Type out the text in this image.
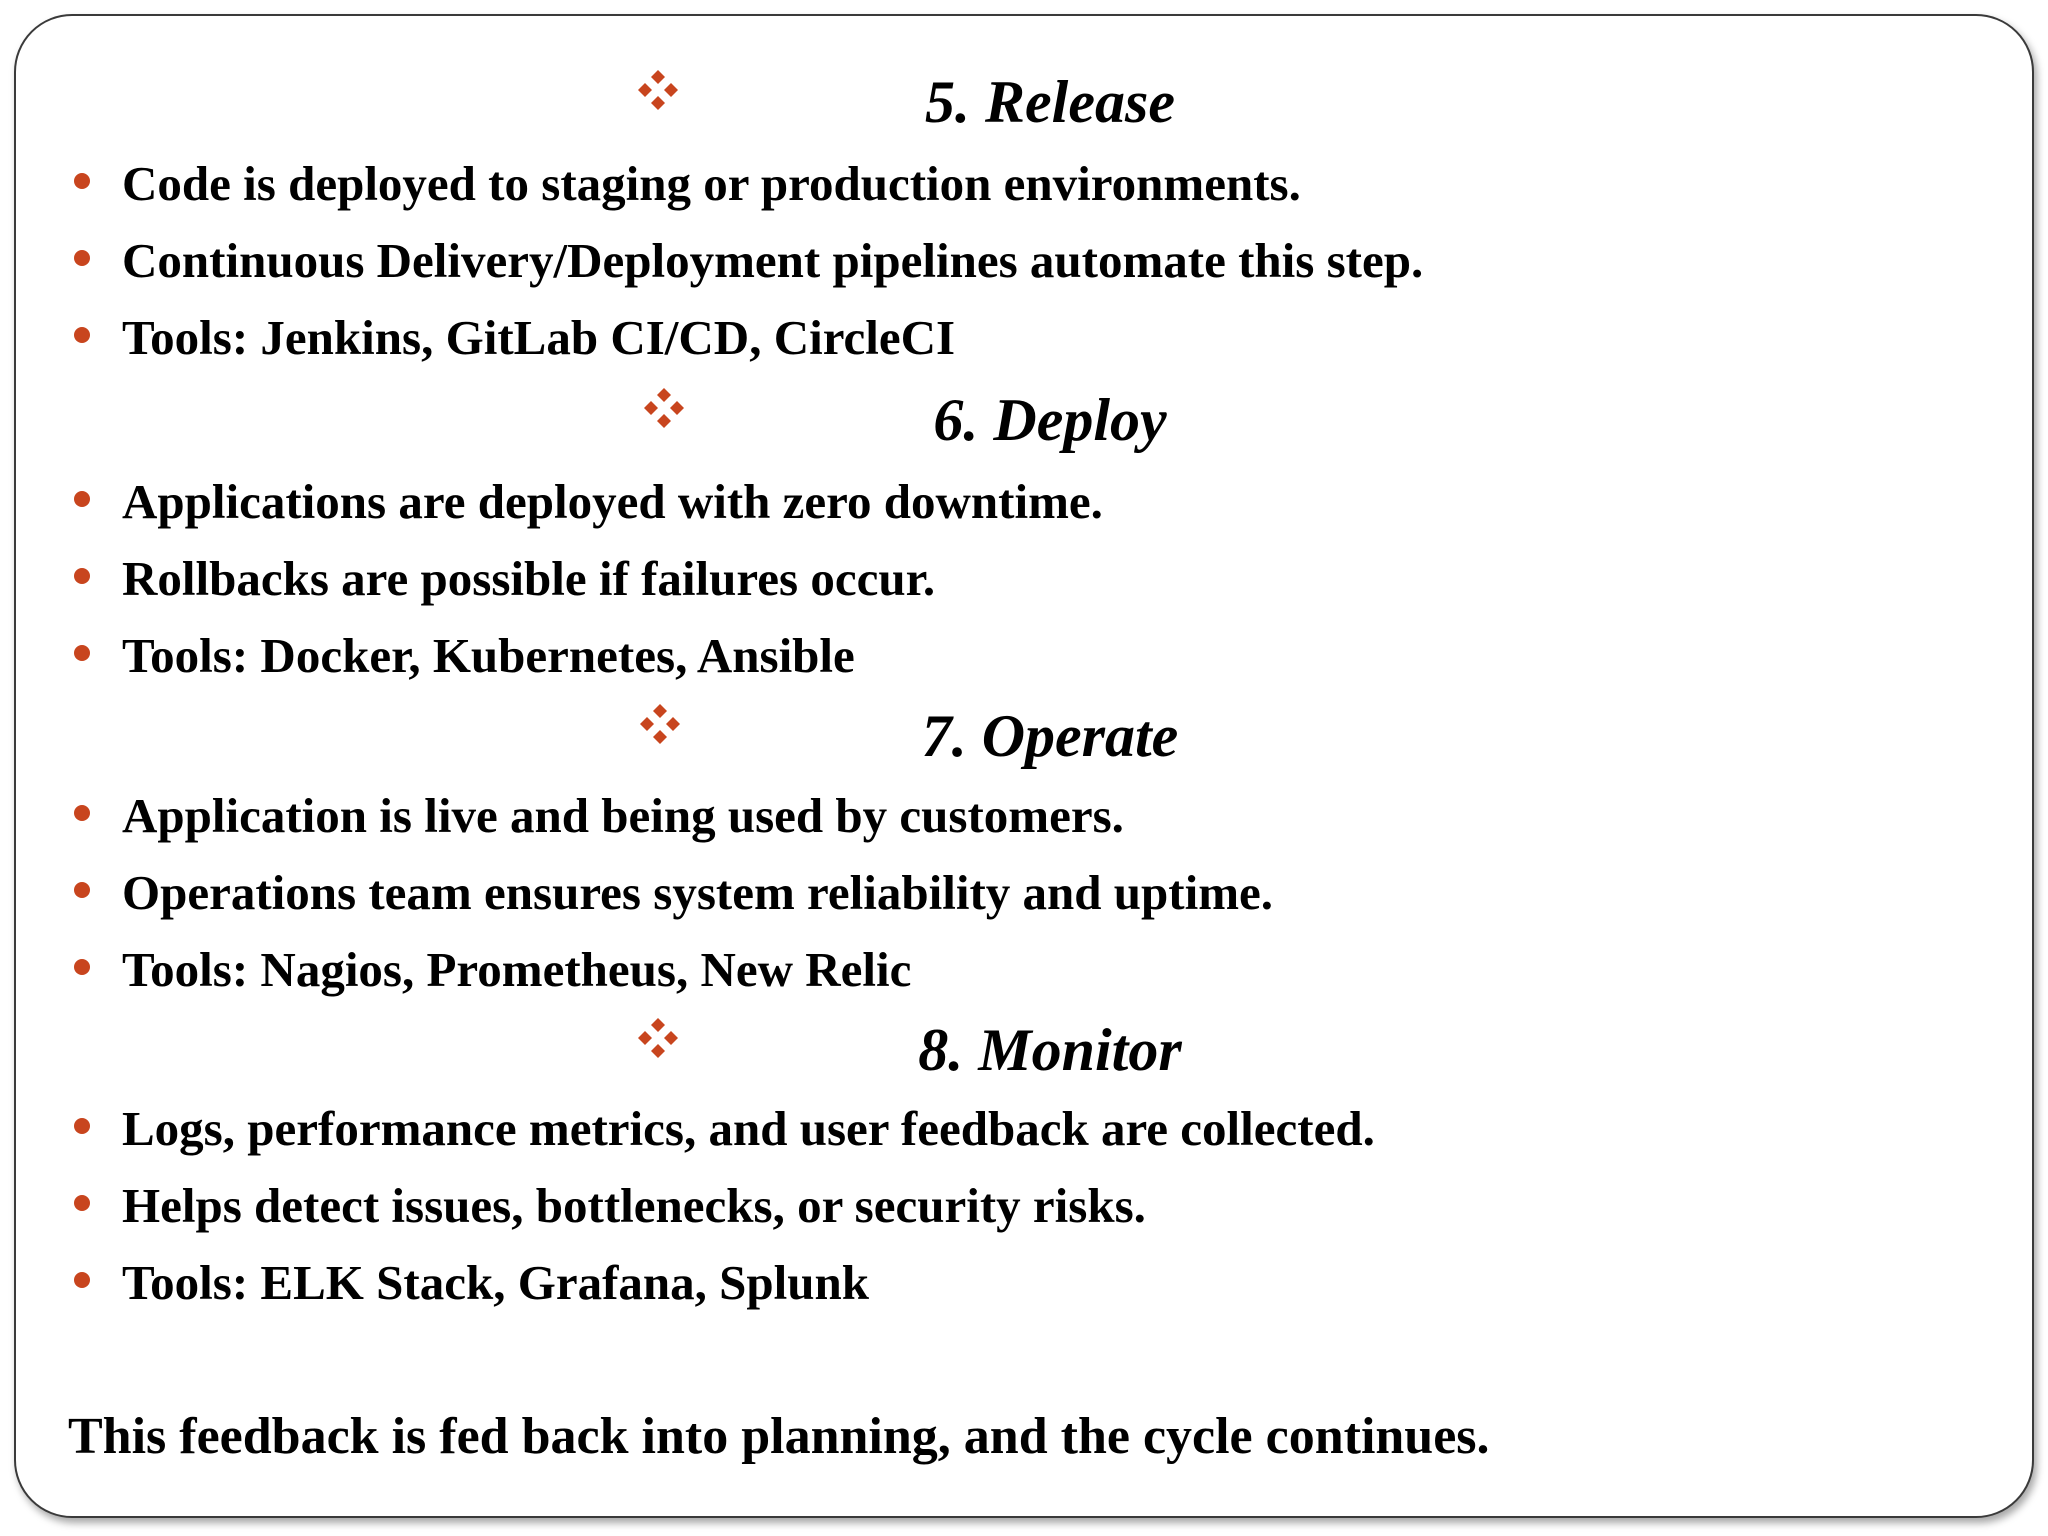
5. Release
Code is deployed to staging or production environments.
Continuous Delivery/Deployment pipelines automate this step.
Tools: Jenkins, GitLab CI/CD, CircleCI
6. Deploy
Applications are deployed with zero downtime.
Rollbacks are possible if failures occur.
Tools: Docker, Kubernetes, Ansible
7. Operate
Application is live and being used by customers.
Operations team ensures system reliability and uptime.
Tools: Nagios, Prometheus, New Relic
8. Monitor
Logs, performance metrics, and user feedback are collected.
Helps detect issues, bottlenecks, or security risks.
Tools: ELK Stack, Grafana, Splunk
This feedback is fed back into planning, and the cycle continues.
